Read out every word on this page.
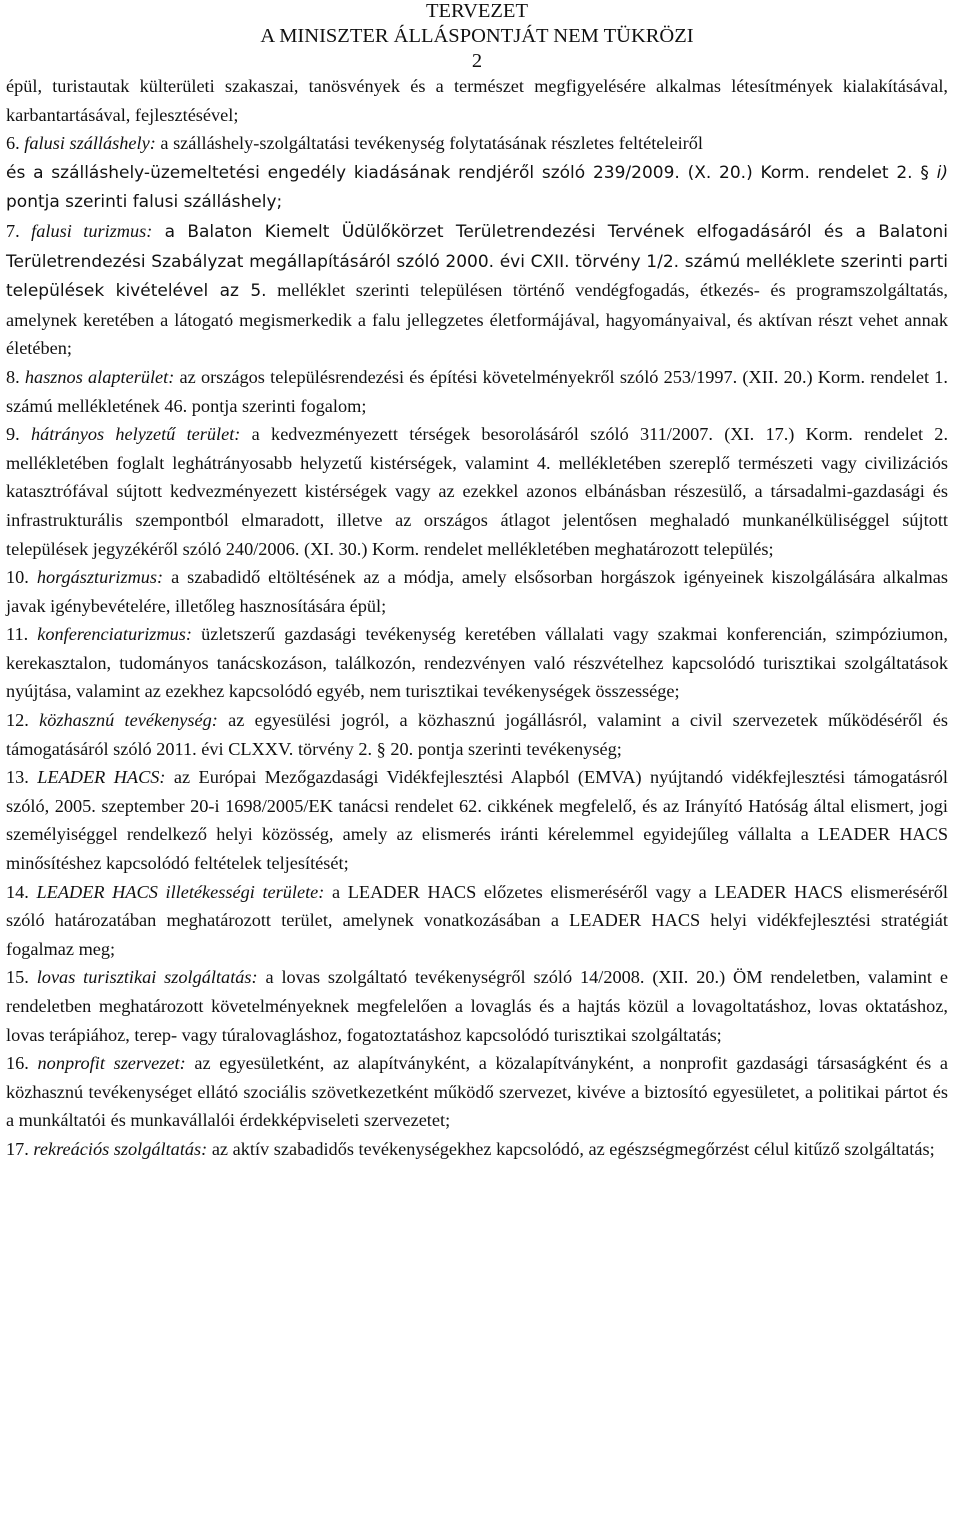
TERVEZET

A MINISZTER ÁLLÁSPONTJÁT NEM TÜKRÖZI

2

épül, turistautak külterületi szakaszai, tanösvények és a természet megfigyelésére alkalmas létesítmények kialakításával, karbantartásával, fejlesztésével;

6. falusi szálláshely: a szálláshely-szolgáltatási tevékenység folytatásának részletes feltételeiről

és a szálláshely-üzemeltetési engedély kiadásának rendjéről szóló 239/2009. (X. 20.) Korm. rendelet 2. § i) pontja szerinti falusi szálláshely;

7. falusi turizmus: a Balaton Kiemelt Üdülőkörzet Területrendezési Tervének elfogadásáról és a Balatoni Területrendezési Szabályzat megállapításáról szóló 2000. évi CXII. törvény 1/2. számú melléklete szerinti parti települések kivételével az 5. melléklet szerinti településen történő vendégfogadás, étkezés- és programszolgáltatás, amelynek keretében a látogató megismerkedik a falu jellegzetes életformájával, hagyományaival, és aktívan részt vehet annak életében;

8. hasznos alapterület: az országos településrendezési és építési követelményekről szóló 253/1997. (XII. 20.) Korm. rendelet 1. számú mellékletének 46. pontja szerinti fogalom;

9. hátrányos helyzetű terület: a kedvezményezett térségek besorolásáról szóló 311/2007. (XI. 17.) Korm. rendelet 2. mellékletében foglalt leghátrányosabb helyzetű kistérségek, valamint 4. mellékletében szereplő természeti vagy civilizációs katasztrófával sújtott kedvezményezett kistérségek vagy az ezekkel azonos elbánásban részesülő, a társadalmi-gazdasági és infrastrukturális szempontból elmaradott, illetve az országos átlagot jelentősen meghaladó munkanélküliséggel sújtott települések jegyzékéről szóló 240/2006. (XI. 30.) Korm. rendelet mellékletében meghatározott település;

10. horgászturizmus: a szabadidő eltöltésének az a módja, amely elsősorban horgászok igényeinek kiszolgálására alkalmas javak igénybevételére, illetőleg hasznosítására épül;

11. konferenciaturizmus: üzletszerű gazdasági tevékenység keretében vállalati vagy szakmai konferencián, szimpóziumon, kerekasztalon, tudományos tanácskozáson, találkozón, rendezvényen való részvételhez kapcsolódó turisztikai szolgáltatások nyújtása, valamint az ezekhez kapcsolódó egyéb, nem turisztikai tevékenységek összessége;

12. közhasznú tevékenység: az egyesülési jogról, a közhasznú jogállásról, valamint a civil szervezetek működéséről és támogatásáról szóló 2011. évi CLXXV. törvény 2. § 20. pontja szerinti tevékenység;

13. LEADER HACS: az Európai Mezőgazdasági Vidékfejlesztési Alapból (EMVA) nyújtandó vidékfejlesztési támogatásról szóló, 2005. szeptember 20-i 1698/2005/EK tanácsi rendelet 62. cikkének megfelelő, és az Irányító Hatóság által elismert, jogi személyiséggel rendelkező helyi közösség, amely az elismerés iránti kérelemmel egyidejűleg vállalta a LEADER HACS minősítéshez kapcsolódó feltételek teljesítését;

14. LEADER HACS illetékességi területe: a LEADER HACS előzetes elismeréséről vagy a LEADER HACS elismeréséről szóló határozatában meghatározott terület, amelynek vonatkozásában a LEADER HACS helyi vidékfejlesztési stratégiát fogalmaz meg;

15. lovas turisztikai szolgáltatás: a lovas szolgáltató tevékenységről szóló 14/2008. (XII. 20.) ÖM rendeletben, valamint e rendeletben meghatározott követelményeknek megfelelően a lovaglás és a hajtás közül a lovagoltatáshoz, lovas oktatáshoz, lovas terápiához, terep- vagy túralovagláshoz, fogatoztatáshoz kapcsolódó turisztikai szolgáltatás;

16. nonprofit szervezet: az egyesületként, az alapítványként, a közalapítványként, a nonprofit gazdasági társaságként és a közhasznú tevékenységet ellátó szociális szövetkezetként működő szervezet, kivéve a biztosító egyesületet, a politikai pártot és a munkáltatói és munkavállalói érdekképviseleti szervezetet;

17. rekreációs szolgáltatás: az aktív szabadidős tevékenységekhez kapcsolódó, az egészségmegőrzést célul kitűző szolgáltatás;
